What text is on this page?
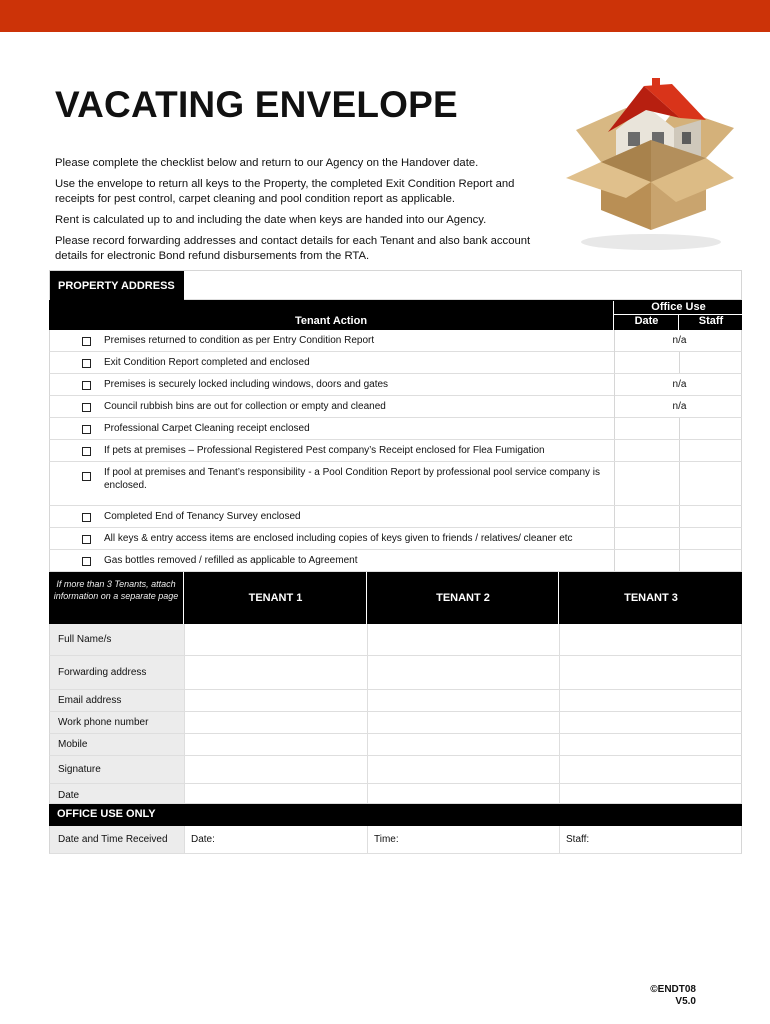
VACATING ENVELOPE

Please complete the checklist below and return to our Agency on the Handover date.

Use the envelope to return all keys to the Property, the completed Exit Condition Report and receipts for pest control, carpet cleaning and pool condition report as applicable.

Rent is calculated up to and including the date when keys are handed into our Agency.

Please record forwarding addresses and contact details for each Tenant and also bank account details for electronic Bond refund disbursements from the RTA.

PROPERTY ADDRESS
Tenant Action
Office Use
Date	Staff
Premises returned to condition as per Entry Condition Report	n/a
Exit Condition Report completed and enclosed
Premises is securely locked including windows, doors and gates	n/a
Council rubbish bins are out for collection or empty and cleaned	n/a
Professional Carpet Cleaning receipt enclosed
If pets at premises – Professional Registered Pest company’s Receipt enclosed for Flea Fumigation
If pool at premises and Tenant’s responsibility - a Pool Condition Report by professional pool service company is enclosed.
Completed End of Tenancy Survey enclosed
All keys & entry access items are enclosed including copies of keys given to friends / relatives/ cleaner etc
Gas bottles removed / refilled as applicable to Agreement
If more than 3 Tenants, attach information on a separate page	TENANT 1	TENANT 2	TENANT 3
Full Name/s
Forwarding address
Email address
Work phone number
Mobile
Signature
Date
OFFICE USE ONLY
Date and Time Received	Date:	Time:	Staff:
©ENDT08
V5.0
